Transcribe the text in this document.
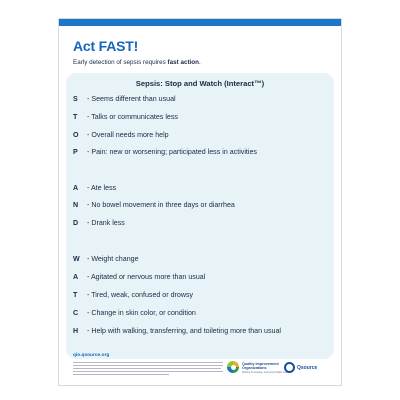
Act FAST!
Early detection of sepsis requires fast action.
Sepsis: Stop and Watch (Interact™)
S - Seems different than usual
T - Talks or communicates less
O - Overall needs more help
P - Pain: new or worsening; participated less in activities
A - Ate less
N - No bowel movement in three days or diarrhea
D - Drank less
W - Weight change
A - Agitated or nervous more than usual
T - Tired, weak, confused or drowsy
C - Change in skin color, or condition
H - Help with walking, transferring, and toileting more than usual
qio.qsource.org
Quality Improvement
Organizations
Sharing Knowledge. Improving Health Care.
Qsource
